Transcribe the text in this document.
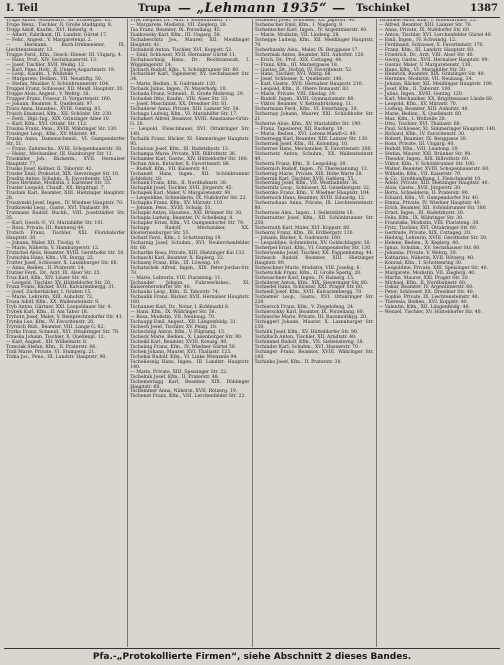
I. Teil	Trupa — „Lehmann 1935“ — Tschinkel	1387
Trupa Anton, Mühlenarb., III. Erdbergstr. 65.
Trupe Wenz., Tischler, II. Große Stadtgutg. 8.
Trupp Adolf, Kaufm., XVI. Haberlg. 4.
— Albert, Fabrikant, III. Landstr. Gürtel 17.
— Fehr., Angest., V. Margaretenpl. 2.
— Hermann, Buch-Drehmeister, IX. Liechtensteinstr. 13.
Truppe Ferd., Kfm., Gesch.-Diener, III. Ungarg. 4.
— Hans, Prof., XIV. Sechshauserstr. 13.
— Josef, Tischler, XVII. Weißg. 12.
— Karl, Pens. Hofr., II. Untere Augartenstr. 19.
— Leop., Kaufm., I. Wollzeile 7.
— Margarete, Bedien., VII. Neustiftg. 50.
— Stefan, Musiker, V. Schönbrunnerstr. 104.
Truppel Franz, Schlosser, XII. Meidl. Hauptstr. 20.
Truppe Alois, Angest., V. Wehrg. 16.
Trupper Franz, Friseur, II. Vorgartenstr. 160.
— Johann, Beamter, X. Quellenstr. 97.
Trura Anna, Hausbes., XVIII. Gentzg. 85.
Trusch Emanuel, Kfm., XII. Schönbr. Str. 230.
— Ferd., Dipl.-Ing., XIX. Grinzinger Allee 10.
— Karl, Kfm., XVI. Ottakr. Str. 112.
Trusina Franz, Pens., XVIII. Währinger Str. 130.
Trusinger Leop., Kfm., XV. Märzstr. 48.
Truska Anna, Damenschneid., VI. Gumpendorfer Str. 51.
— Franz, Zahntechn., XVIII. Schopenhauerstr. 38.
— Heinr., Mechaniker, III. Hainburger Str. 11.
Truskaller Joh., Bäckerm., XVII. Hernalser Hauptstr. 77.
Trusko Josef, Kellner, II. Taborstr. 42.
Trusler Emil, Prokurist, XIX. Sieveringer Str. 18.
Truslitz Anton, Schuhm., X. Favoritenstr. 155.
Truss Hermine, Modistin, I. Kärntner Str. 33.
Truster Leopold, Chauff., XX. Brigittapl. 7.
Trustam Karl, Beamter, XIII. Hietzinger Hauptstr. 28.
Truszynski Josef, Ingen., IV. Wiedner Hauptstr. 70.
Trutkowski Leop., Gastw., XVI. Thaliastr. 89.
Trutmann Rudolf, Buchh., VIII. Josefstädter Str. 35.
— Karl, Gesch.-F., VI. Mariahilfer Str. 101.
— Rosa, Private, III. Rennweg 44.
Trutsch Franz, Tischler, XXI. Floridsdorfer Hauptstr. 30.
— Johann, Maler, XII. Tivolig. 9.
— Marie, Näherin, V. Hamburgerstr. 12.
Trutschel Alois, Beamter, XVIII. Gersthofer Str. 50.
Trutschka Hans, Kfm., VII. Burgg. 22.
Trutter Josef, Schlosser, X. Laxenburger Str. 66.
— Anna, Bedien., II. Praterstr. 14.
Trutzer Ferd., Dr., Arzt, IX. Alser Str. 25.
Trux Karl, Kfm., XIV. Linzer Str. 40.
— Leopold, Tischler, XV. Hütteldorfer Str. 20.
Truxa Franz, Bäcker, XVII. Kalvarienbergg. 31.
— Josef, Zuckerbäcker, I. Graben 15.
— Marie, Lehrerin, XIII. Auhofstr. 72.
Truxa Adolf, Kfm., XX. Wallensteinstr. 9.
Tryb Anton, Gärtner, XXI. Leopoldauer Str. 4.
Trybek Karl, Kfm., II. Am Tabor 18.
Tryhorn Josef, Maler, V. Reinprechtsdorfer Str. 41.
Trynka Leo, Kfm., IV. Favoritenstr. 20.
Tryrnich Rud., Beamter, VIII. Lange G. 62.
Trytko Franz, Schneid., XVI. Ottakringer Str. 78.
Trzaska Johann, Tischler, X. Quellenpl. 12.
— Karl, Angest., XII. Wilhelmstr. 8.
Trzeciak Stefan, Kfm., II. Praterstr. 66.
Trzil Marie, Private, VI. Stumperg. 21.
Trzka Jos., Pens., III. Landstr. Hauptstr. 90.
Tryk Leopold, Dr., Arzt, I. Rotenturmstr. 17.
— Margarete, Modistin, VII. Zieglerg. 28.
Tsa Franz, Beamter, IX. Porzellang. 45.
Tsaikowsky Karl, Kfm., III. Ungarg. 58.
Tschabeschitz Jos., Maurer, XII. Meidlinger Hauptstr. 41.
Tschabold Anton, Tischler, XVI. Koppstr. 52.
— Emil, Schlosser, XVII. Hernalser Gürtel 11.
Tschabuschnig Hans, Dr., Rechtsanwalt, I. Wipplingerstr. 24.
Tschach Rudolf, Kfm., V. Schönbrunner Str. 60.
Tschachler Karl, Tapezierer, XV. Sechshauser Str. 34.
— Marie, Bedien., X. Gudrunstr. 120.
Tschack Julius, Ingen., IV. Mayerhofg. 10.
Tschada Franz, Schneid., II. Große Mohreng. 29.
Tschadek Otto, Kaufm., VIII. Alser Str. 33.
— Josef, Maschinist, XX. Dresdner Str. 81.
Tschaderer Anna, Private, XIII. Lainzer Str. 58.
Tschaga Ludwig, Kfm., VI. Mariahilfer Str. 17.
Tschakert Alfred, Beamter, XVIII. Anastasius-Grün-G. 30.
— Leopold, Fleischhauer, XVI. Ottakringer Str. 140.
Tschalik Franz, Bäcker, XI. Simmeringer Hauptstr. 95.
Tschaloun Josef, Kfm., III. Radetzkystr. 13.
Tschampa Marie, Private, XIX. Billrothstr. 36.
Tschamler Karl, Gastw., XIV. Hütteldorfer Str. 160.
Tschan Alois, Kutscher, X. Favoritenstr. 88.
— Rudolf, Kfm., VII. Kaiserstr. 41.
Tschanett Hans, Ingen., XII. Schönbrunner Schloßstr. 28.
Tschank Franz, Kfm., II. Nordbahnstr. 38.
Tschaplik Josef, Tischler, XVII. Jörgerstr. 45.
Tschapek Karl, Maler, V. Margaretenstr. 90.
— Leopoldine, Schneiderin, IX. Nußdorfer Str. 22.
Tschapka Franz, Kfm., XV. Märzstr. 110.
— Johann, Pens., XVIII. Schulg. 51.
Tschapki Anton, Hausbes., XXI. Brünner Str. 30.
Tschapla Ludwig, Beamter, IV. Schelleing. 8.
Tschapler Ernst, Kfm., VI. Gumpendorfer Str. 79.
Tschapp Rudolf, Mechaniker, XX. Klosterneuburger Str. 55.
Tscharf Ferd., Kfm., I. Schottenring 19.
Tscharnig Josef, Schuhm., XVI. Neulerchenfelder Str. 60.
Tschartke Rosa, Private, XIII. Hietzinger Kai 133.
Tschaschl Karl, Beamter, X. Keplerg. 22.
Tschasny Franz, Kfm., III. Löweng. 19.
Tschatschek Alfred, Ingen., XIX. Peter-Jordan-Str. 70.
— Marie, Lehrerin, VIII. Piaristeng. 11.
Tschauder Johann, Fuhrwerksbes., XI. Kaiserebersdorfer Str. 40.
Tschauko Leop., Kfm., II. Taborstr. 74.
Tschaulik Franz, Bäcker, XVII. Hernalser Hauptstr. 160.
Tschauner Karl, Dr., Notar, I. Kohlmarkt 8.
— Hans, Kfm., IX. Währinger Str. 56.
— Rosa, Modistin, VII. Neubaug. 70.
Tschaupp Emil, Angest., XII. Längenfeldg. 31.
Tschech Josef, Tischler, XV. Pelzg. 18.
Tschechnig Anton, Kfm., V. Pilgramg. 15.
Tscheck Marie, Bedien., X. Laxenburger Str. 90.
Tscheikl Karl, Beamter, XVIII. Kreuzg. 40.
Tscheinig Franz, Kfm., IV. Wiedner Gürtel 50.
Tschek Johann, Maurer, XVI. Thaliastr. 125.
Tschekal Rudolf, Kfm., VI. Linke Wienzeile 94.
Tscheliesnig Hans, Ingen., III. Landstr. Hauptstr. 140.
— Marie, Private, XIII. Speisinger Str. 22.
Tschelnik Josef, Kfm., II. Praterstr. 48.
Tschemernigg Karl, Beamter, XIX. Döblinger Hauptstr. 60.
Tschemmer Anna, Näherin, XVII. Rötzerg. 19.
Tschenet Franz, Kfm., VIII. Lerchenfelder Str. 22.
Tschenett Josef, Schlosser, XX. Jägerstr. 40.
Tschenscher Emil, Kfm., I. Naglerg. 9.
Tschentscher Karl, Ingen., IV. Argentinierstr. 40.
— Marie, Modistin, VII. Lindeng. 28.
Tscheppe Ludwig, Kfm., XII. Meidlinger Hauptstr. 70.
Tscherkassky Alex., Maler, IX. Berggasse 17.
Tschermak Anton, Beamter, XIII. Auhofstr. 120.
— Erich, Dr., Prof., XIX. Cottageg. 44.
— Franz, Kfm., III. Marxergasse 18.
— Gustav, Dr., Hofrat, IV. Favoritenstr. 52.
— Hans, Tischler, XVI. Wattg. 66.
— Josef, Schlosser, X. Quellenstr. 140.
— Karl, Gastw., XVII. Hernalser Hauptstr. 210.
— Leopold, Kfm., II. Obere Donaustr. 83.
— Marie, Private, VIII. Skodag. 29.
— Rudolf, Ingen., XVIII. Gymnasiumstr. 60.
— Viktor, Beamter, V. Kettenbrückeng. 11.
Tschermann Ferd., Kfm., VI. Esterházyg. 30.
Tschernay Johann, Maurer, XXI. Schloßhofer Str. 21.
Tscherne Alois, Kfm., XV. Mariahilfer Str. 190.
— Franz, Tapezierer, XII. Ruckerg. 19.
— Maria, Bedien., XVI. Lorenz-Mandl-G. 40.
Tschernegg Karl, Beamter, XIII. Lainzer Str. 130.
Tschernek Josef, Kfm., III. Kolonitzg. 10.
Tscherner Hans, Mechaniker, X. Favoritenstr. 200.
Tschernetz Anton, Schuhm., XX. Wallensteinstr. 49.
Tscherni Franz, Kfm., II. Leopoldsg. 30.
Tschernich Rudolf, Ingen., IV. Theresianumg. 13.
Tschernig Marie, Private, XIX. Hohe Warte 28.
Tschernik Karl, Tischler, XVII. Geblerg. 55.
Tscherning Josef, Kfm., VII. Westbahnstr. 36.
Tschernitz Leop., Schlosser, XI. Geiselbergstr. 32.
Tschernko Franz, Kfm., V. Wiedner Hauptstr. 104.
Tschernoch Hans, Beamter, XVIII. Eduardg. 12.
Tschernohaus Anna, Private, IX. Liechtensteinstr. 80.
Tschernow Alex., Ingen., I. Seilerstätte 16.
Tschernutter Josef, Kfm., XII. Schönbrunner Str. 250.
Tschernuth Karl, Maler, XVI. Koppstr. 80.
Tscherny Franz, Kfm., III. Erdbergstr. 120.
— Johann, Bäcker, X. Gudrunstr. 160.
— Leopoldine, Schneiderin, XV. Goldschlagstr. 30.
Tscherpel Ernst, Kfm., VI. Gumpendorfer Str. 130.
Tscherwenka Josef, Tischler, XX. Pappenheimg. 44.
Tschesch Rudolf, Beamter, XIII. Hietzinger Hauptstr. 90.
Tscheschner Marie, Modistin, VIII. Josefsg. 6.
Tschetschik Franz, Kfm., II. Große Sperlg. 20.
Tscheuschner Karl, Ingen., IV. Rainerg. 15.
Tschiderer Anton, Kfm., XIX. Sieveringer Str. 80.
Tschiedel Hans, Schlosser, XXI. Prager Str. 60.
Tschiedl Josef, Kfm., XVII. Kalvarienbergg. 70.
Tschiemer Leop., Gastw., XVI. Ottakringer Str. 220.
Tschiersch Franz, Kfm., V. Ziegelofeng. 24.
Tschierschky Karl, Beamter, IX. Porzellang. 60.
Tschiesche Marie, Private, III. Rasumofskyg. 20.
Tschiggerl Johann, Maurer, X. Laxenburger Str. 150.
Tschilik Josef, Kfm., XV. Hütteldorfer Str. 90.
Tschiltsch Anton, Tischler, XII. Arndtstr. 40.
Tschimmel Rudolf, Kfm., VII. Siebensterng. 18.
Tschinder Karl, Schuhm., XVI. Hasnerstr. 70.
Tschinger Franz, Beamter, XVIII. Währinger Str. 160.
Tschinka Josef, Kfm., II. Praterstr. 30.
Tschinkel Adolf, Kfm., I. Rotenturmstr. 25.
— Alfred, Beamter, XIII. Lainzer Str. 70.
— Anna, Private, IX. Nußdorfer Str. 60.
— Anton, Tischler, XVI. Lerchenfelder Gürtel 40.
— Emil, Ingen., IV. Schwindg. 12.
— Ferdinand, Schlosser, X. Favoritenstr. 170.
— Franz, Kfm., III. Landstr. Hauptstr. 60.
— Friedrich, Dr., Arzt, VIII. Alser Str. 40.
— Georg, Gastw., XVII. Hernalser Hauptstr. 90.
— Gustav, Maler, V. Margaretenstr. 130.
— Hans, Kfm., VI. Mariahilfer Str. 50.
— Heinrich, Beamter, XIX. Grinzinger Str. 40.
— Hermine, Modistin, VII. Neubaug. 34.
— Johann, Bäcker, XII. Meidlinger Hauptstr. 100.
— Josef, Kfm., II. Taborstr. 100.
— Julius, Ingen., XVIII. Gentzg. 120.
— Karl, Mechaniker, XX. Brigittenauer Lände 60.
— Leopold, Kfm., XV. Märzstr. 70.
— Ludwig, Beamter, XIII. Auhofstr. 40.
— Marie, Bedien., X. Quellenstr. 60.
— Max, Kfm., I. Wollzeile 20.
— Otto, Tischler, XVI. Thaliastr. 60.
— Paul, Schlosser, XI. Simmeringer Hauptstr. 140.
— Richard, Kfm., IV. Favoritenstr. 30.
— Robert, Beamter, IX. Berggasse 30.
— Rosa, Private, III. Ungarg. 40.
— Rudolf, Kfm., VIII. Laudong. 20.
— Stefan, Maurer, XXI. Brünner Str. 90.
— Theodor, Ingen., XIX. Billrothstr. 60.
— Viktor, Kfm., V. Schönbrunner Str. 100.
— Walter, Beamter, XVIII. Schopenhauerstr. 60.
— Wilhelm, Kfm., VII. Kaiserstr. 70.
— & Co., Großhandlung, I. Fleischmarkt 10.
— Adele, Private, XIII. Hietzinger Hauptstr. 40.
— Alois, Gastw., XVII. Jörgerstr. 30.
— Berta, Schneiderin, II. Praterstr. 90.
— Eduard, Kfm., VI. Gumpendorfer Str. 40.
— Emma, Private, IV. Wiedner Hauptstr. 40.
— Erich, Beamter, XII. Schönbrunner Str. 180.
— Ernst, Ingen., III. Radetzkystr. 20.
— Felix, Kfm., IX. Währinger Str. 30.
— Franziska, Modistin, VIII. Piaristeng. 30.
— Fritz, Tischler, XVI. Ottakringer Str. 60.
— Gertrude, Private, XIX. Cottageg. 20.
— Hedwig, Lehrerin, XVIII. Gersthofer Str. 30.
— Helene, Bedien., X. Keplerg. 40.
— Ignaz, Schuhm., XV. Sechshauser Str. 60.
— Johanna, Private, V. Wehrg. 30.
— Katharina, Näherin, XVII. Rötzerg. 40.
— Konrad, Kfm., I. Schottenring 30.
— Leopoldine, Private, XIII. Speisinger Str. 40.
— Margarete, Modistin, VII. Zieglerg. 40.
— Martin, Maurer, XXI. Prager Str. 30.
— Michael, Kfm., II. Nordbahnstr. 60.
— Oskar, Beamter, IV. Argentinierstr. 60.
— Peter, Schlosser, XX. Dresdner Str. 40.
— Sophie, Private, IX. Liechtensteinstr. 40.
— Theresia, Bedien., XVI. Koppstr. 40.
— Valentin, Kfm., XII. Längenfeldg. 40.
— Wenzel, Tischler, XV. Hütteldorfer Str. 40.
Pfa.-„Protokollierte Firmen“, siehe Abschnitt 2 dieses Bandes.
